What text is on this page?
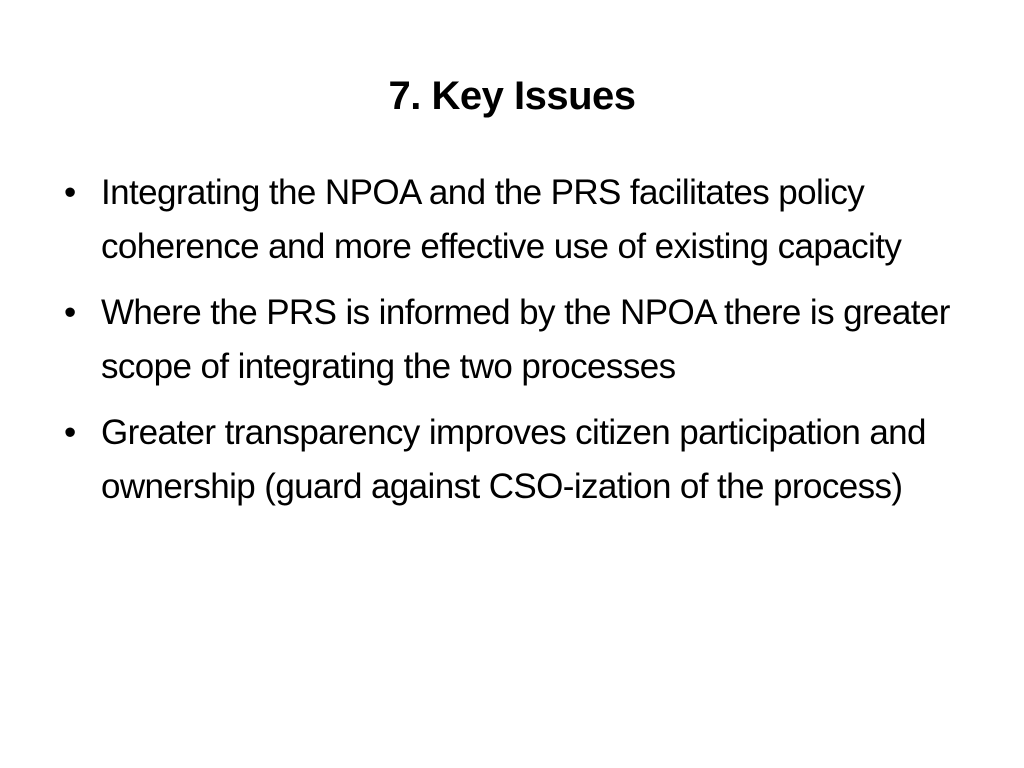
7. Key Issues
• Integrating the NPOA and the PRS facilitates policy coherence and more effective use of existing capacity
• Where the PRS is informed by the NPOA there is greater scope of integrating the two processes
• Greater transparency improves citizen participation and ownership (guard against CSO-ization of the process)
